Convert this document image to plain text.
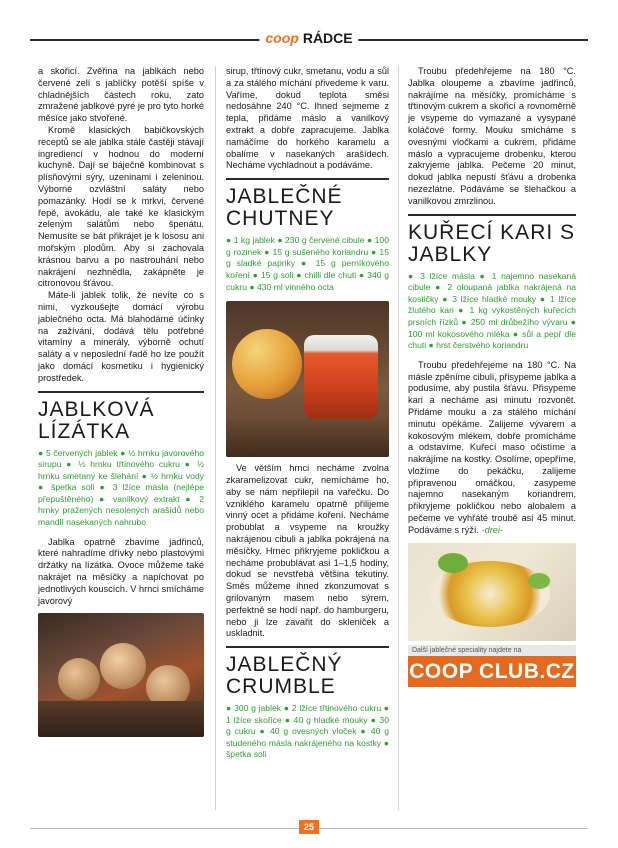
coop RÁDCE

a skořicí. Zvěřina na jablkách nebo červené zelí s jablíčky potěší spíše v chladnějších částech roku, zato zmražené jablkové pyré je pro tyto horké měsíce jako stvořené.

Kromě klasických babičkovských receptů se ale jablka stále častěji stávají ingrediencí v hodnou do moderní kuchyně. Dají se báječně kombinovat s plísňovými sýry, uzeninami i zeleninou. Výborné ozvláštní saláty nebo pomazánky. Hodí se k mrkvi, červené řepě, avokádu, ale také ke klasickým zeleným salátům nebo špenátu. Nemusíte se bát přikrájet je k lososu ani mořským plodům. Aby si zachovala krásnou barvu a po nastrouhání nebo nakrájení nezhnědla, zakápněte je citronovou šťávou.

Máte-li jablek tolik, že nevíte co s nimi, vyzkoušejte domácí výrobu jablečného octa. Má blahodárné účinky na zažívání, dodává tělu potřebné vitamíny a minerály, výborně ochutí saláty a v neposlední řadě ho lze použít jako domácí kosmetiku i hygienický prostředek.

JABLKOVÁ LÍZÁTKA

● 5 červených jablek ● ½ hrnku javorového sirupu ● ½ hrnku třtinového cukru ● ½ hrnku smetany ke šlehání ● ½ hrnku vody ● špetka soli ● 3 lžíce másla (nejlépe přepuštěného) ● vanilkový extrakt ● 2 hrnky pražených nesolených arašídů nebo mandlí nasekaných nahrubo

Jablka opatrně zbavíme jadřinců, které nahradíme dřívky nebo plastovými držátky na lízátka. Ovoce můžeme také nakrájet na měsíčky a napíchovat po jednotlivých kouscích. V hrnci smícháme javorový

sirup, třtinový cukr, smetanu, vodu a sůl a za stálého míchání přivedeme k varu. Vaříme, dokud teplota směsi nedosáhne 240 °C. Ihned sejmeme z tepla, přidáme máslo a vanilkový extrakt a dobře zapracujeme. Jablka namáčíme do horkého karamelu a obalíme v nasekaných arašídech. Necháme vychladnout a podáváme.

JABLEČNÉ CHUTNEY

● 1 kg jablek ● 230 g červené cibule ● 100 g rozinek ● 15 g sušeného koriandru ● 15 g sladké papriky ● 15 g perníkového koření ● 15 g soli ● chilli dle chuti ● 340 g cukru ● 430 ml vinného octa

Ve větším hrnci necháme zvolna zkaramelizovat cukr, nemícháme ho, aby se nám nepřilepil na vařečku. Do vzniklého karamelu opatrně přilijeme vinný ocet a přidáme koření. Necháme probublat a vsypeme na kroužky nakrájenou cibuli a jablka pokrájená na měsíčky. Hrnec přikryjeme pokličkou a necháme probublávat asi 1–1,5 hodiny, dokud se nevstřebá většina tekutiny. Směs můžeme ihned zkonzumovat s grilovaným masem nebo sýrem, perfektně se hodí např. do hamburgeru, nebo ji lze zavařit do skleniček a uskladnit.

JABLEČNÝ CRUMBLE

● 300 g jablek ● 2 lžíce třtinového cukru ● 1 lžíce skořice ● 40 g hladké mouky ● 30 g cukru ● 40 g ovesných vloček ● 40 g studeného másla nakrájeného na kostky ● špetka soli

Troubu předehřejeme na 180 °C. Jablka oloupeme a zbavíme jadřinců, nakrájíme na měsíčky, promícháme s třtinovým cukrem a skořicí a rovnoměrně je vsypeme do vymazané a vysypané koláčové formy. Mouku smícháme s ovesnými vločkami a cukrem, přidáme máslo a vypracujeme drobenku, kterou zakryjeme jablka. Pečeme 20 minut, dokud jablka nepustí šťávu a drobenka nezezlátne. Podáváme se šlehačkou a vanilkovou zmrzlinou.

KUŘECÍ KARI S JABLKY

● 3 lžíce másla ● 1 najemno nasekaná cibule ● 2 oloupaná jablka nakrájená na kostičky ● 3 lžíce hladké mouky ● 1 lžíce žlutého kari ● 1 kg vykostěných kuřecích prsních řízků ● 250 ml drůbežího vývaru ● 100 ml kokosového mléka ● sůl a pepř dle chuti ● hrst čerstvého koriandru

Troubu předehřejeme na 180 °C. Na másle zpěníme cibuli, přisypeme jablka a podusíme, aby pustila šťávu. Přisypeme kari a necháme asi minutu rozvonět. Přidáme mouku a za stálého míchání minutu opékáme. Zalijeme vývarem a kokosovým mlékem, dobře promícháme a odstavíme. Kuřecí maso očistíme a nakrájíme na kostky. Osolíme, opepříme, vložíme do pekáčku, zalijeme připravenou omáčkou, zasypeme najemno nasekaným koriandrem, přikryjeme pokličkou nebo alobalem a pečeme ve vyhřáté troubě asi 45 minut. Podáváme s rýží. -drei-

Další jablečné speciality najdete na
COOP CLUB.CZ
25
